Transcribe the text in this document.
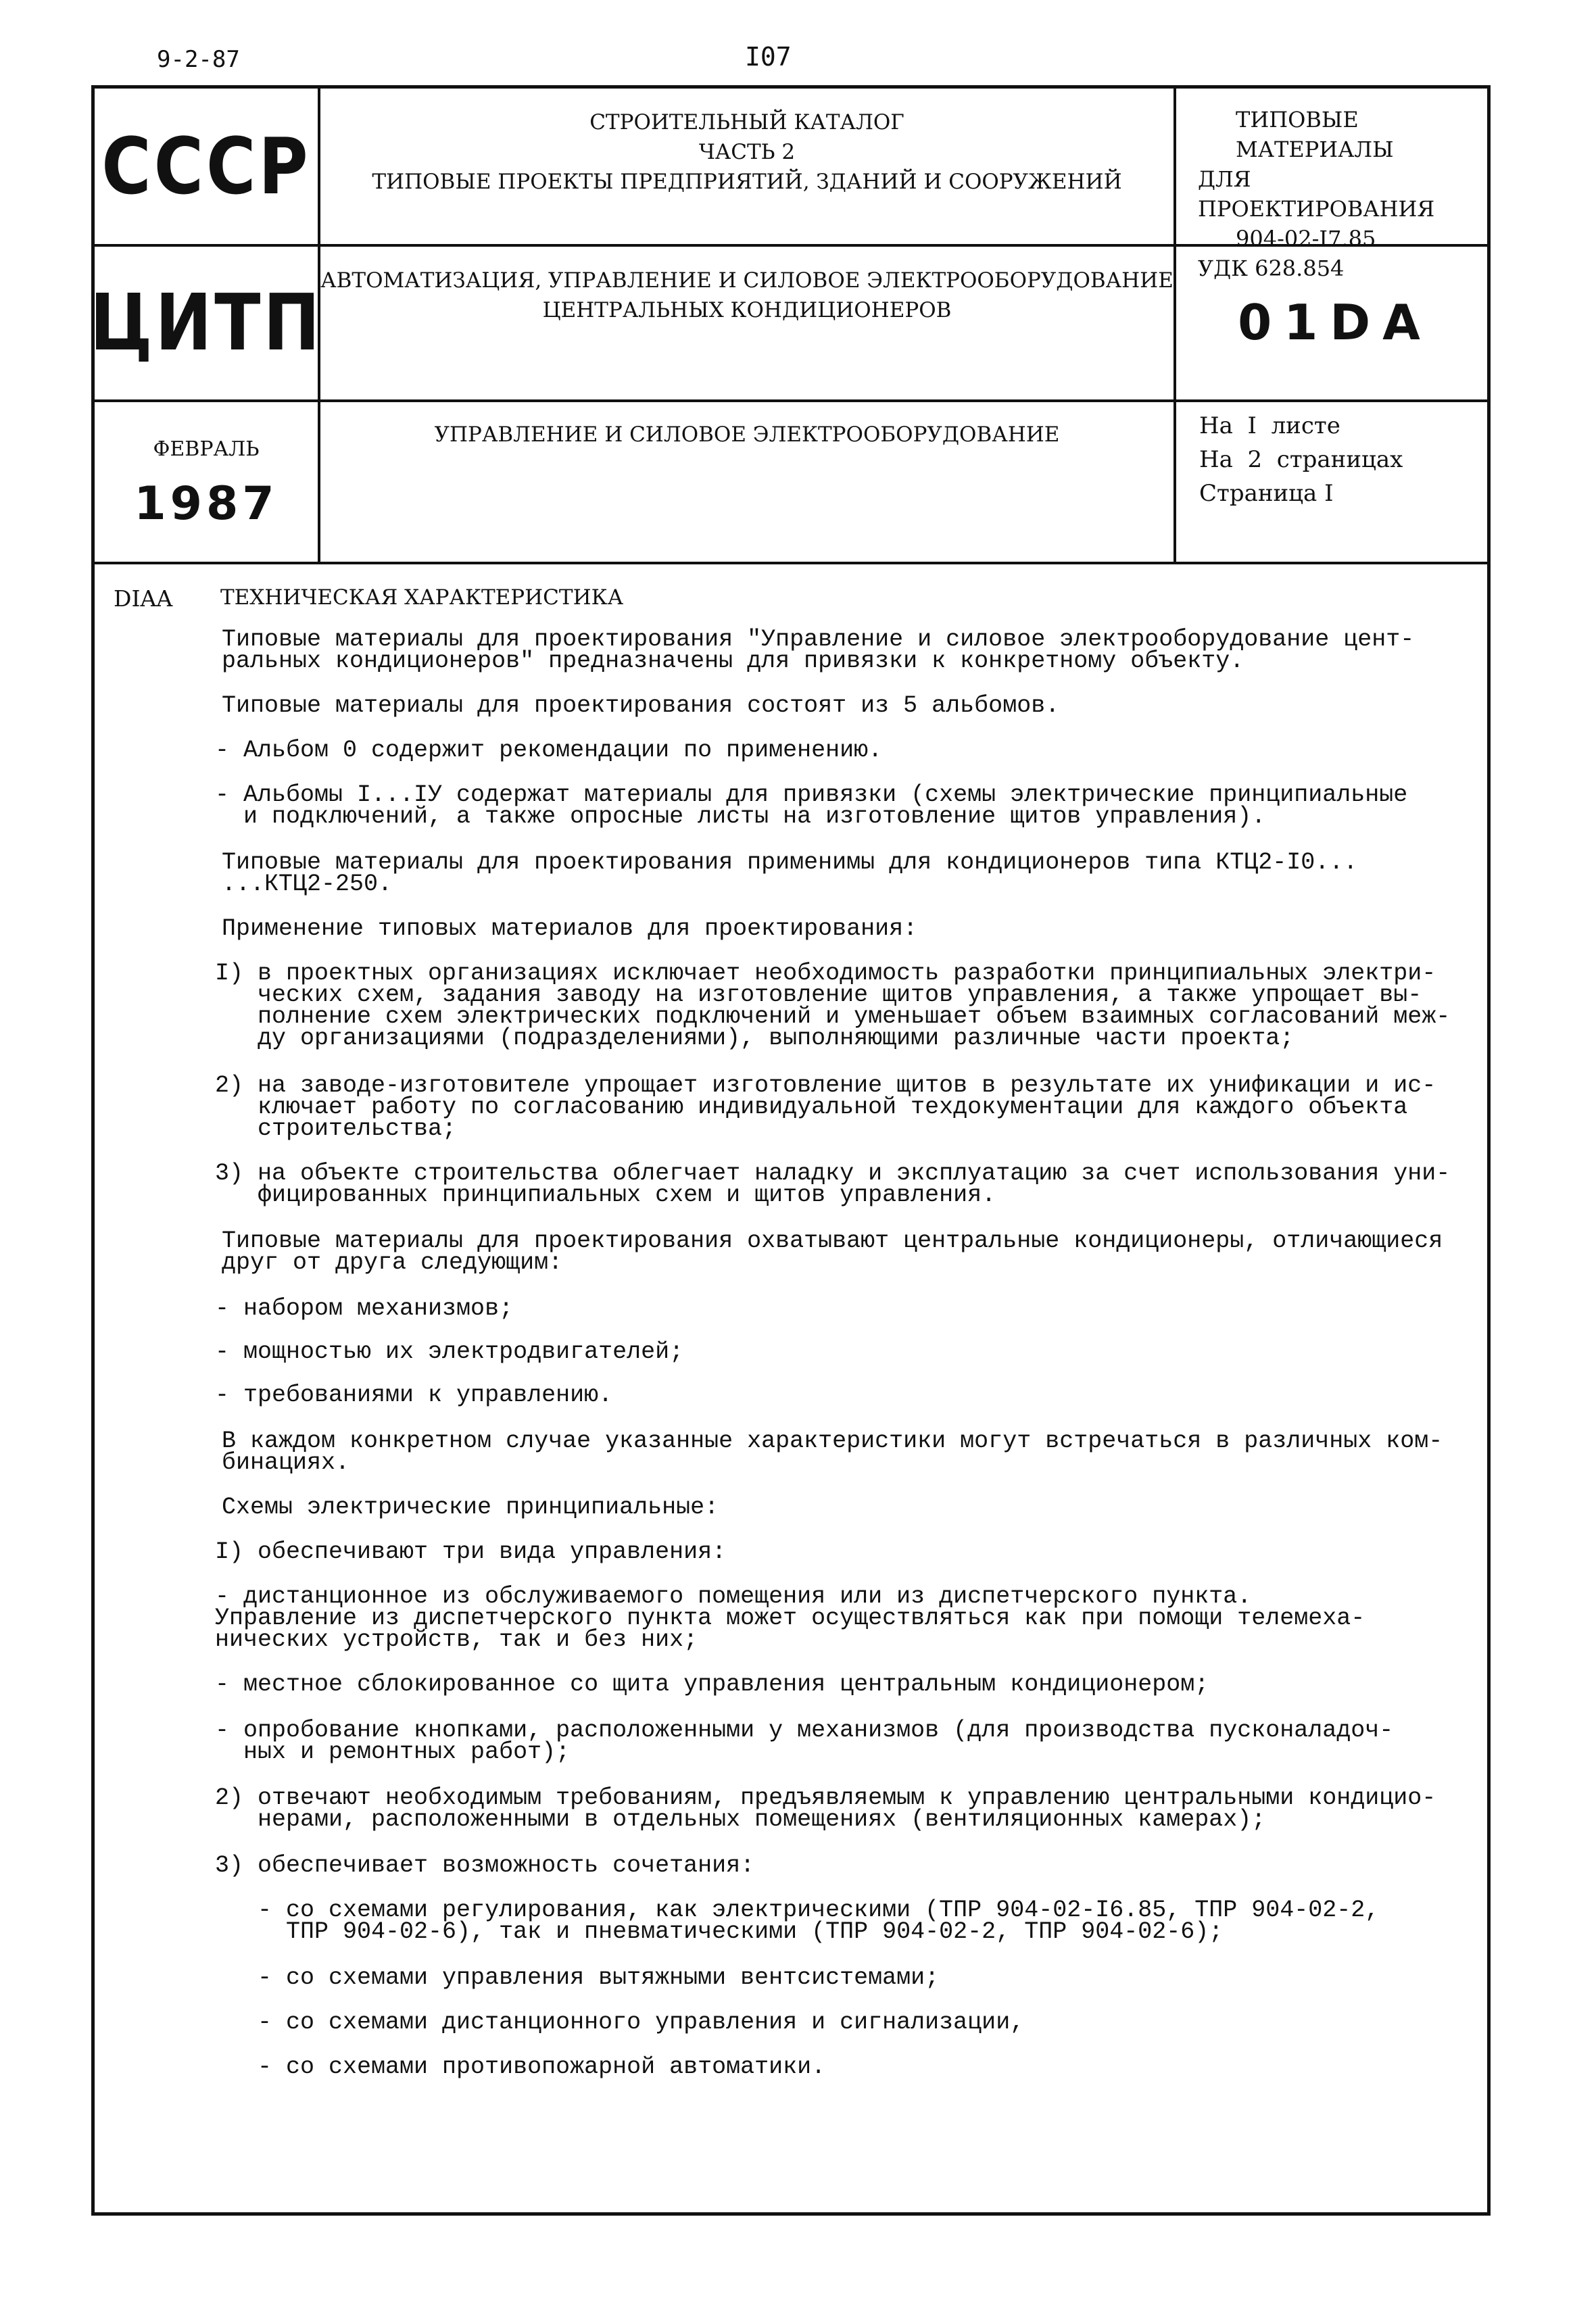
9-2-87	I07
СССР
ЦИТП
ФЕВРАЛЬ
1987
СТРОИТЕЛЬНЫЙ КАТАЛОГ
ЧАСТЬ 2
ТИПОВЫЕ ПРОЕКТЫ ПРЕДПРИЯТИЙ, ЗДАНИЙ И СООРУЖЕНИЙ
АВТОМАТИЗАЦИЯ, УПРАВЛЕНИЕ И СИЛОВОЕ ЭЛЕКТРООБОРУДОВАНИЕ
ЦЕНТРАЛЬНЫХ КОНДИЦИОНЕРОВ
УПРАВЛЕНИЕ И СИЛОВОЕ ЭЛЕКТРООБОРУДОВАНИЕ
ТИПОВЫЕ МАТЕРИАЛЫ
ДЛЯ ПРОЕКТИРОВАНИЯ
904-02-I7.85
УДК 628.854
01DA
На  I  листе
На  2  страницах
Страница I
DIAA ТЕХНИЧЕСКАЯ ХАРАКТЕРИСТИКА
Типовые материалы для проектирования "Управление и силовое электрооборудование цент-
ральных кондиционеров" предназначены для привязки к конкретному объекту.
Типовые материалы для проектирования состоят из 5 альбомов.
- Альбом 0 содержит рекомендации по применению.
- Альбомы I...IУ содержат материалы для привязки (схемы электрические принципиальные
и подключений, а также опросные листы на изготовление щитов управления).
Типовые материалы для проектирования применимы для кондиционеров типа КТЦ2-I0...
...КТЦ2-250.
Применение типовых материалов для проектирования:
I) в проектных организациях исключает необходимость разработки принципиальных электри-
ческих схем, задания заводу на изготовление щитов управления, а также упрощает вы-
полнение схем электрических подключений и уменьшает объем взаимных согласований меж-
ду организациями (подразделениями), выполняющими различные части проекта;
2) на заводе-изготовителе упрощает изготовление щитов в результате их унификации и ис-
ключает работу по согласованию индивидуальной техдокументации для каждого объекта
строительства;
3) на объекте строительства облегчает наладку и эксплуатацию за счет использования уни-
фицированных принципиальных схем и щитов управления.
Типовые материалы для проектирования охватывают центральные кондиционеры, отличающиеся
друг от друга следующим:
- набором механизмов;
- мощностью их электродвигателей;
- требованиями к управлению.
В каждом конкретном случае указанные характеристики могут встречаться в различных ком-
бинациях.
Схемы электрические принципиальные:
I) обеспечивают три вида управления:
- дистанционное из обслуживаемого помещения или из диспетчерского пункта.
Управление из диспетчерского пункта может осуществляться как при помощи телемеха-
нических устройств, так и без них;
- местное сблокированное со щита управления центральным кондиционером;
- опробование кнопками, расположенными у механизмов (для производства пусконаладоч-
ных и ремонтных работ);
2) отвечают необходимым требованиям, предъявляемым к управлению центральными кондицио-
нерами, расположенными в отдельных помещениях (вентиляционных камерах);
3) обеспечивает возможность сочетания:
- со схемами регулирования, как электрическими (ТПР 904-02-I6.85, ТПР 904-02-2,
ТПР 904-02-6), так и пневматическими (ТПР 904-02-2, ТПР 904-02-6);
- со схемами управления вытяжными вентсистемами;
- со схемами дистанционного управления и сигнализации,
- со схемами противопожарной автоматики.
